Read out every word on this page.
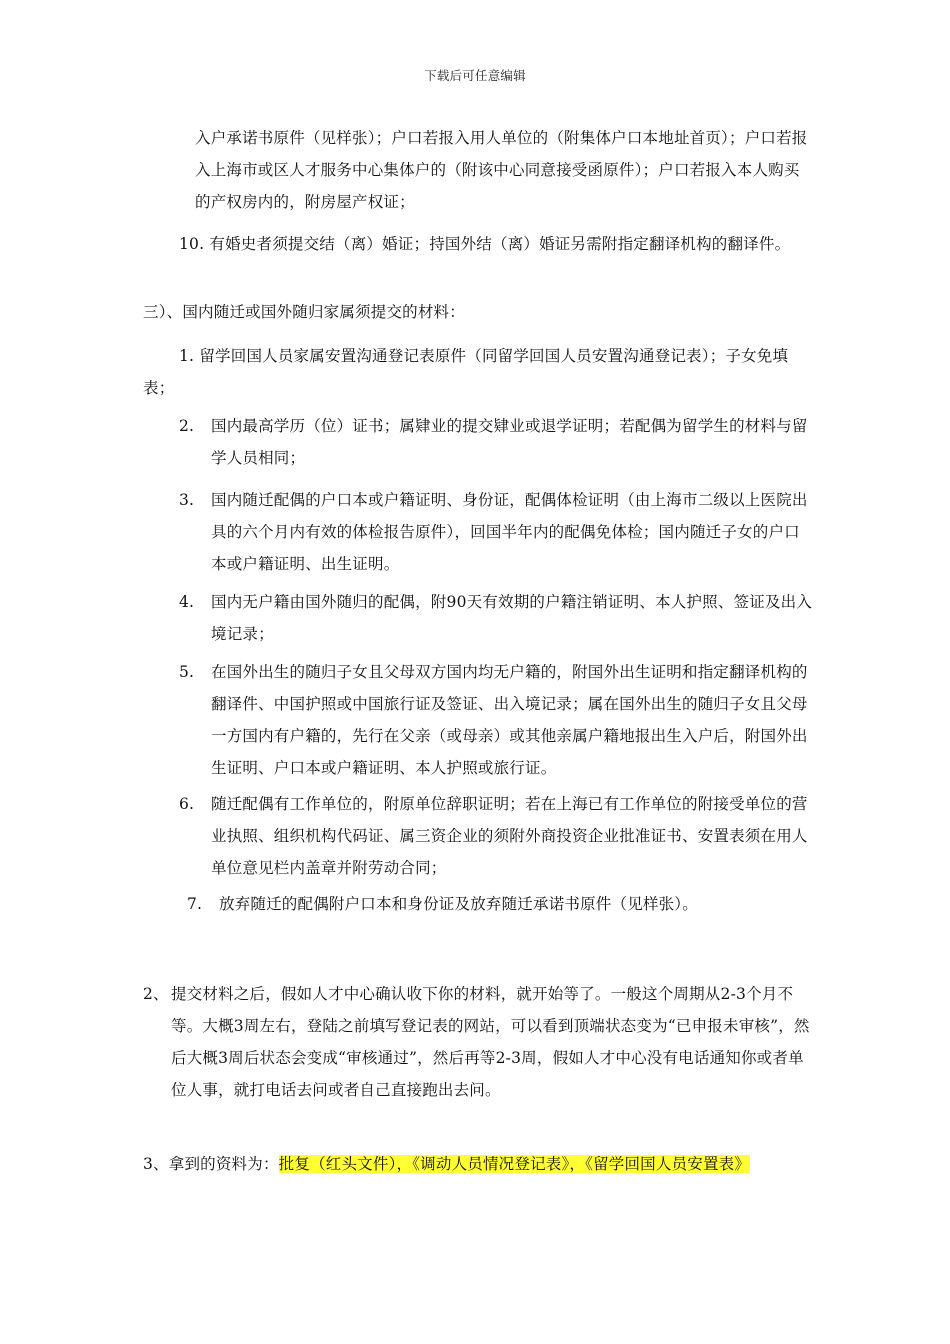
下载后可任意编辑
入户承诺书原件（见样张）；户口若报入用人单位的（附集体户口本地址首页）；户口若报入上海市或区人才服务中心集体户的（附该中心同意接受函原件）；户口若报入本人购买的产权房内的，附房屋产权证；
10. 有婚史者须提交结（离）婚证；持国外结（离）婚证另需附指定翻译机构的翻译件。
三）、国内随迁或国外随归家属须提交的材料：
1. 留学回国人员家属安置沟通登记表原件（同留学回国人员安置沟通登记表）；子女免填表；
2. 国内最高学历（位）证书；属肄业的提交肄业或退学证明；若配偶为留学生的材料与留学人员相同；
3. 国内随迁配偶的户口本或户籍证明、身份证，配偶体检证明（由上海市二级以上医院出具的六个月内有效的体检报告原件），回国半年内的配偶免体检；国内随迁子女的户口本或户籍证明、出生证明。
4. 国内无户籍由国外随归的配偶，附90天有效期的户籍注销证明、本人护照、签证及出入境记录；
5. 在国外出生的随归子女且父母双方国内均无户籍的，附国外出生证明和指定翻译机构的翻译件、中国护照或中国旅行证及签证、出入境记录；属在国外出生的随归子女且父母一方国内有户籍的，先行在父亲（或母亲）或其他亲属户籍地报出生入户后，附国外出生证明、户口本或户籍证明、本人护照或旅行证。
6. 随迁配偶有工作单位的，附原单位辞职证明；若在上海已有工作单位的附接受单位的营业执照、组织机构代码证、属三资企业的须附外商投资企业批准证书、安置表须在用人单位意见栏内盖章并附劳动合同；
7. 放弃随迁的配偶附户口本和身份证及放弃随迁承诺书原件（见样张）。
2、 提交材料之后，假如人才中心确认收下你的材料，就开始等了。一般这个周期从2-3个月不等。大概3周左右，登陆之前填写登记表的网站，可以看到顶端状态变为“已申报未审核”，然后大概3周后状态会变成“审核通过”，然后再等2-3周，假如人才中心没有电话通知你或者单位人事，就打电话去问或者自己直接跑出去问。
3、拿到的资料为：批复（红头文件），《调动人员情况登记表》，《留学回国人员安置表》
